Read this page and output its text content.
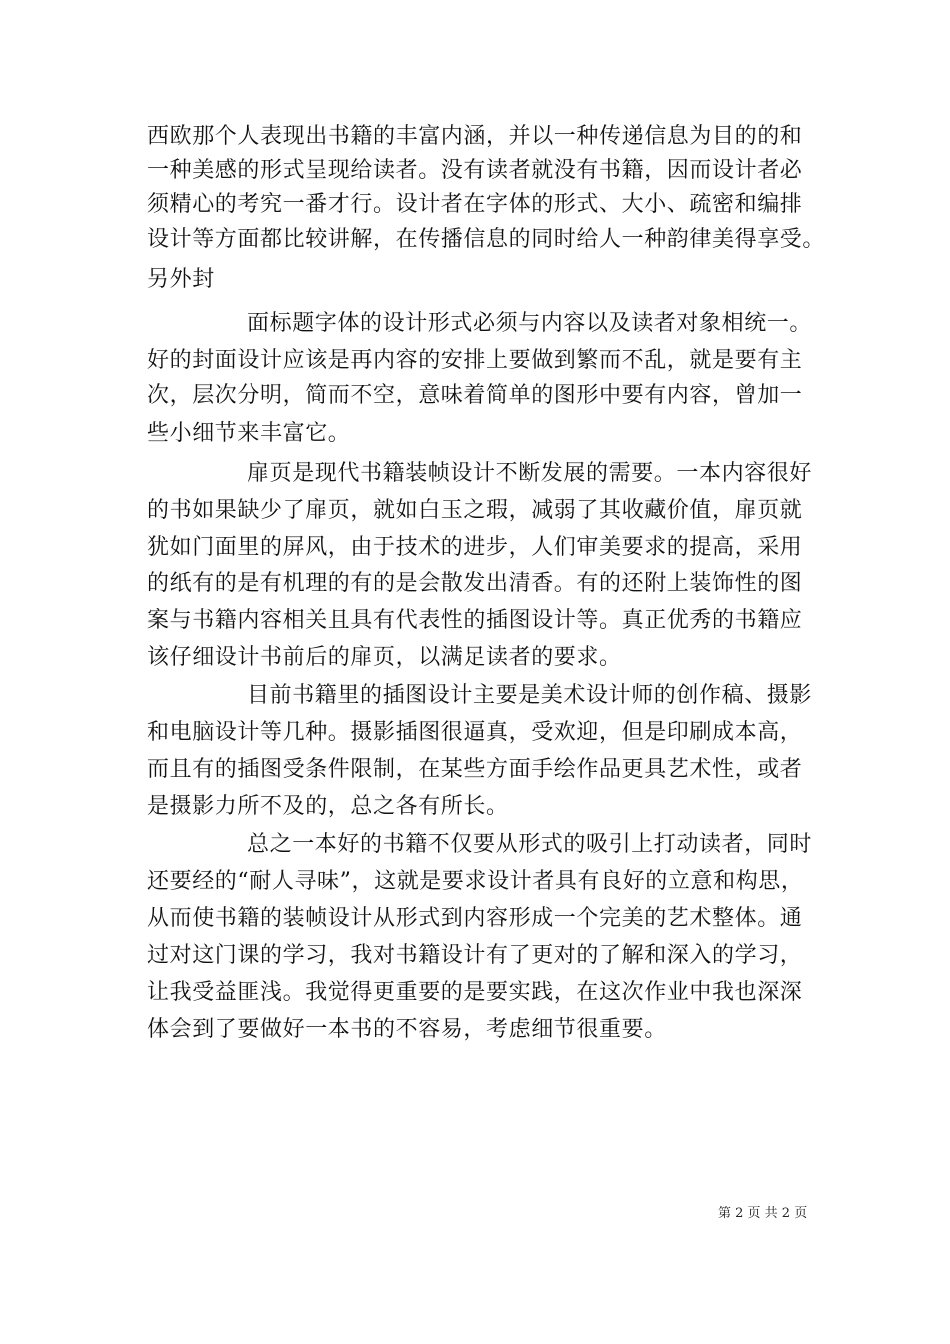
西欧那个人表现出书籍的丰富内涵，并以一种传递信息为目的的和
一种美感的形式呈现给读者。没有读者就没有书籍，因而设计者必
须精心的考究一番才行。设计者在字体的形式、大小、疏密和编排
设计等方面都比较讲解，在传播信息的同时给人一种韵律美得享受。
另外封
面标题字体的设计形式必须与内容以及读者对象相统一。
好的封面设计应该是再内容的安排上要做到繁而不乱，就是要有主
次，层次分明，简而不空，意味着简单的图形中要有内容，曾加一
些小细节来丰富它。
扉页是现代书籍装帧设计不断发展的需要。一本内容很好
的书如果缺少了扉页，就如白玉之瑕，减弱了其收藏价值，扉页就
犹如门面里的屏风，由于技术的进步，人们审美要求的提高，采用
的纸有的是有机理的有的是会散发出清香。有的还附上装饰性的图
案与书籍内容相关且具有代表性的插图设计等。真正优秀的书籍应
该仔细设计书前后的扉页，以满足读者的要求。
目前书籍里的插图设计主要是美术设计师的创作稿、摄影
和电脑设计等几种。摄影插图很逼真，受欢迎，但是印刷成本高，
而且有的插图受条件限制，在某些方面手绘作品更具艺术性，或者
是摄影力所不及的，总之各有所长。
总之一本好的书籍不仅要从形式的吸引上打动读者，同时
还要经的“耐人寻味”，这就是要求设计者具有良好的立意和构思，
从而使书籍的装帧设计从形式到内容形成一个完美的艺术整体。通
过对这门课的学习，我对书籍设计有了更对的了解和深入的学习，
让我受益匪浅。我觉得更重要的是要实践，在这次作业中我也深深
体会到了要做好一本书的不容易，考虑细节很重要。
第 2 页 共 2 页
